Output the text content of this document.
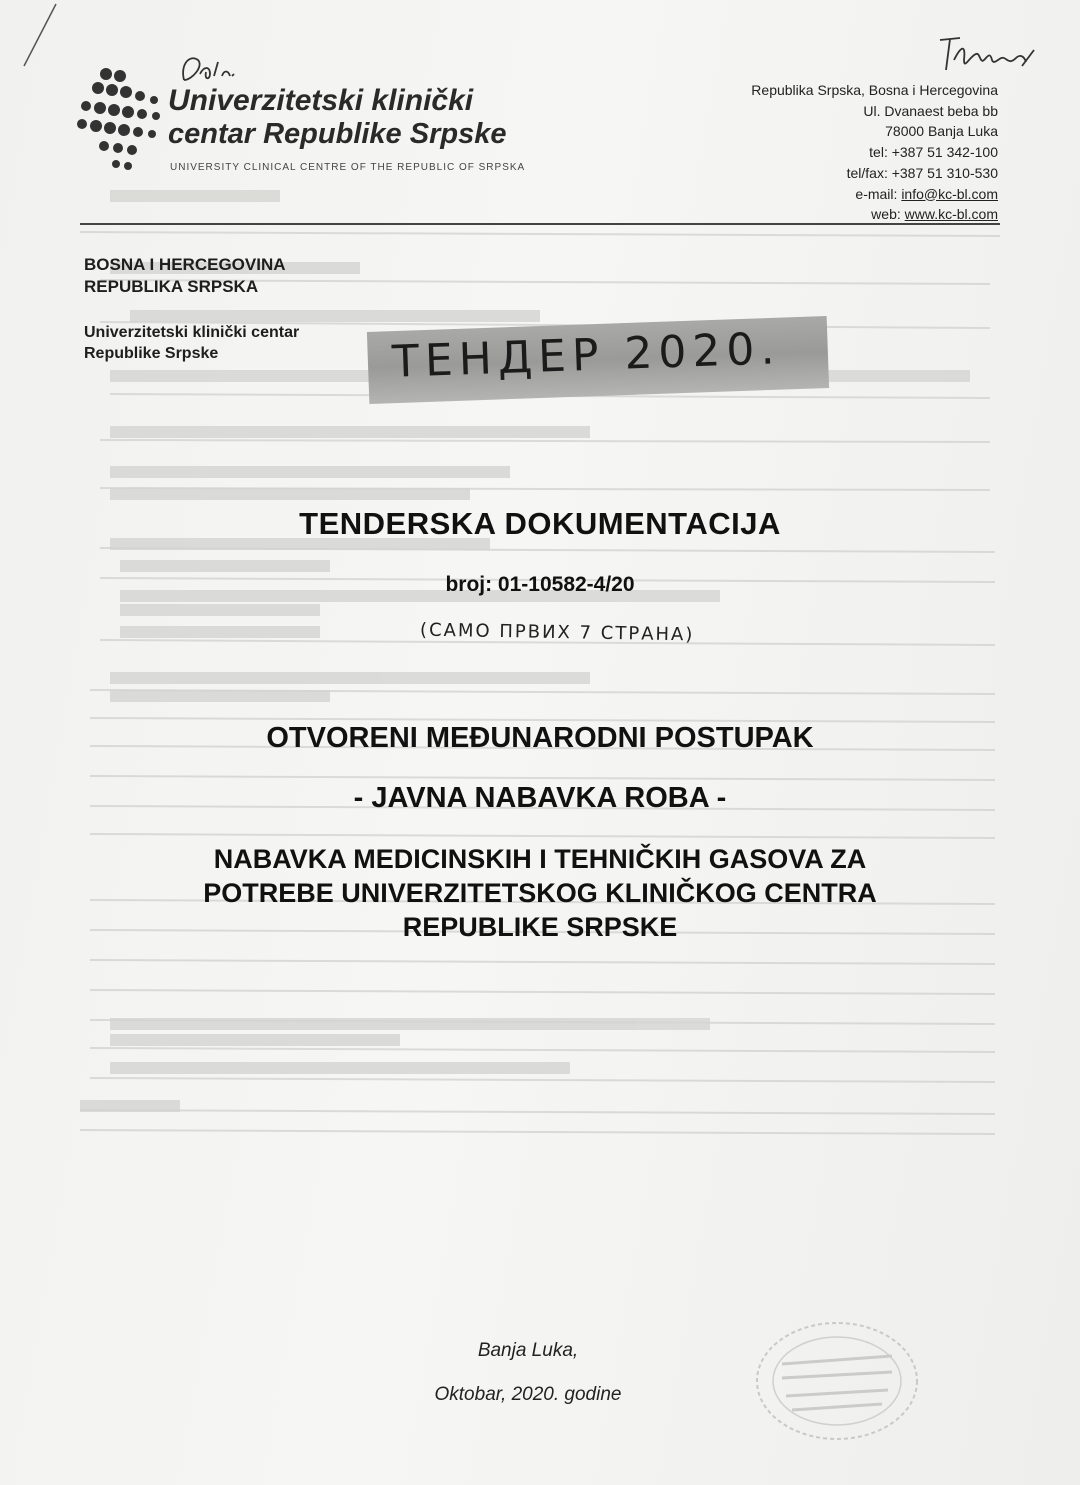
Univerzitetski klinički
centar Republike Srpske
UNIVERSITY CLINICAL CENTRE OF THE REPUBLIC OF SRPSKA
Republika Srpska, Bosna i Hercegovina
Ul. Dvanaest beba bb
78000 Banja Luka
tel: +387 51 342-100
tel/fax: +387 51 310-530
e-mail: info@kc-bl.com
web: www.kc-bl.com
BOSNA I HERCEGOVINA
REPUBLIKA SRPSKA
Univerzitetski klinički centar
Republike Srpske	ТЕНДЕР 2020.
TENDERSKA DOKUMENTACIJA
broj: 01-10582-4/20
(САМО ПРВИХ 7 СТРАНА)
OTVORENI MEĐUNARODNI POSTUPAK
- JAVNA NABAVKA ROBA -
NABAVKA MEDICINSKIH I TEHNIČKIH GASOVA ZA
POTREBE UNIVERZITETSKOG KLINIČKOG CENTRA
REPUBLIKE SRPSKE
Banja Luka,
Oktobar, 2020. godine
